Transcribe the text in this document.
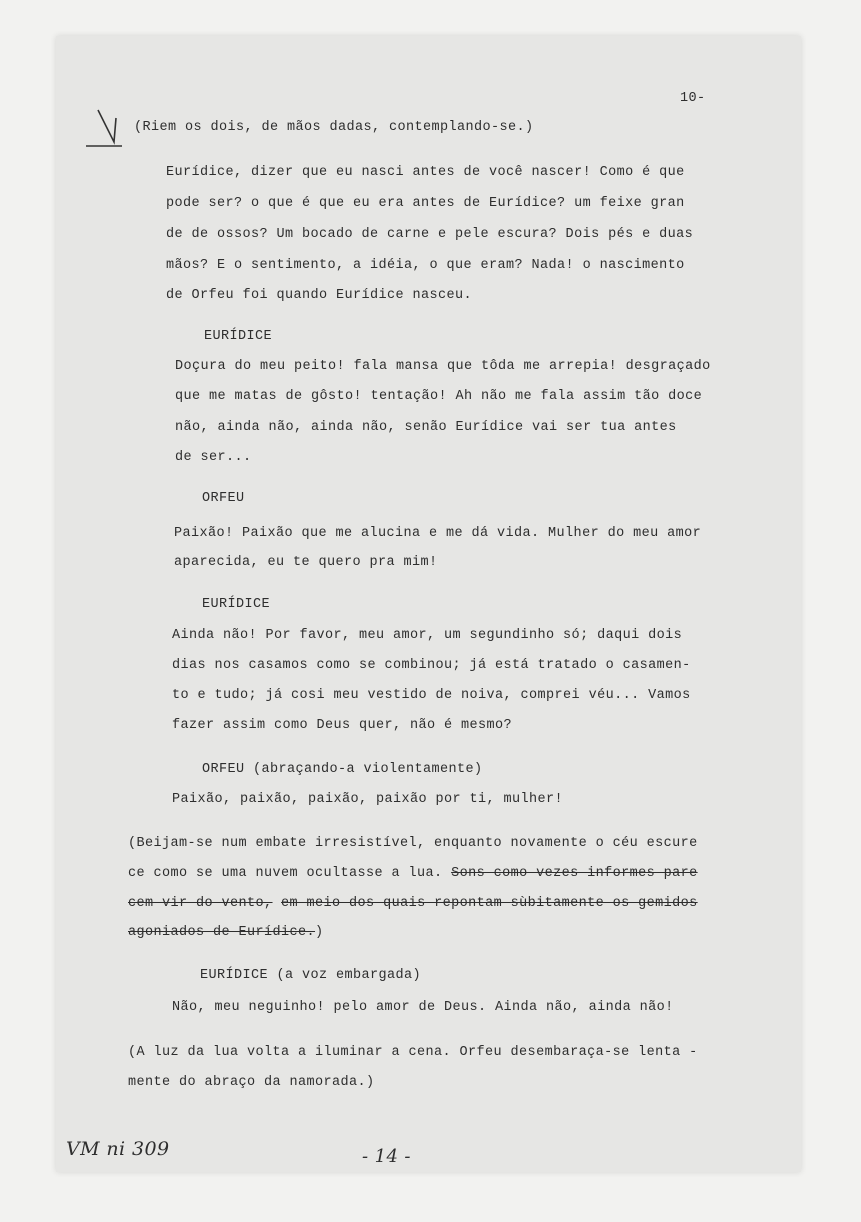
10-

(Riem os dois, de mãos dadas, contemplando-se.)

Eurídice, dizer que eu nasci antes de você nascer! Como é que

pode ser? o que é que eu era antes de Eurídice? um feixe gran

de de ossos? Um bocado de carne e pele escura? Dois pés e duas

mãos? E o sentimento, a idéia, o que eram? Nada! o nascimento

de Orfeu foi quando Eurídice nasceu.

EURÍDICE

Doçura do meu peito! fala mansa que tôda me arrepia! desgraçado

que me matas de gôsto! tentação! Ah não me fala assim tão doce

não, ainda não, ainda não, senão Eurídice vai ser tua antes

de ser...

ORFEU

Paixão! Paixão que me alucina e me dá vida. Mulher do meu amor

aparecida, eu te quero pra mim!

EURÍDICE

Ainda não! Por favor, meu amor, um segundinho só; daqui dois

dias nos casamos como se combinou; já está tratado o casamen-

to e tudo; já cosi meu vestido de noiva, comprei véu... Vamos

fazer assim como Deus quer, não é mesmo?

ORFEU (abraçando-a violentamente)

Paixão, paixão, paixão, paixão por ti, mulher!

(Beijam-se num embate irresistível, enquanto novamente o céu escure

ce como se uma nuvem ocultasse a lua. Sons como vezes informes pare

cem vir do vento, em meio dos quais repontam sùbitamente os gemidos

agoniados de Eurídice.)

EURÍDICE (a voz embargada)

Não, meu neguinho! pelo amor de Deus. Ainda não, ainda não!

(A luz da lua volta a iluminar a cena. Orfeu desembaraça-se lenta -

mente do abraço da namorada.)

VM ni 309	- 14 -
